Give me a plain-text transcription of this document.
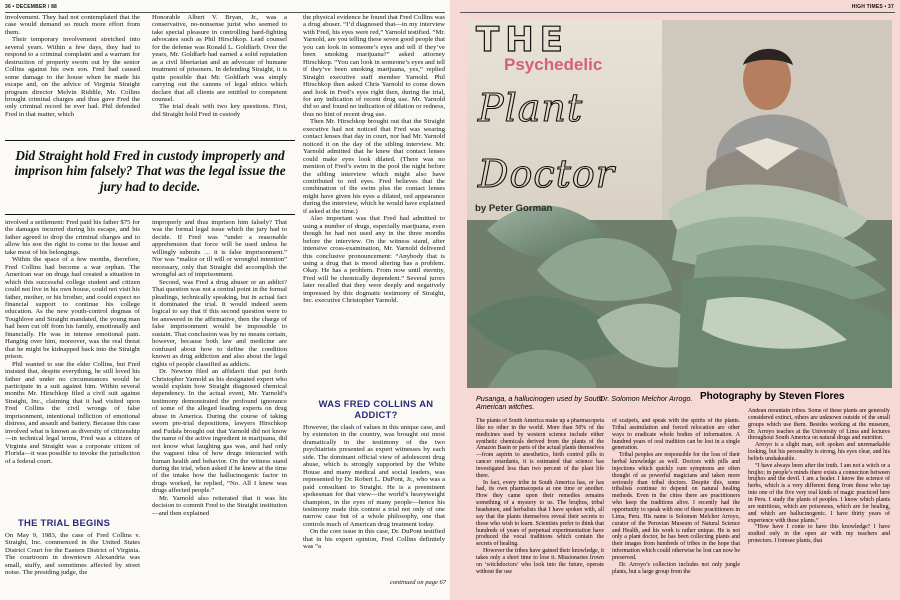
36 • DECEMBER / 88

involvement. They had not contemplated that the case would demand so much more effort from them.

Their temporary involvement stretched into several years. Within a few days, they had to respond to a criminal complaint and a warrant for destruction of property sworn out by the senior Collins against his own son. Fred had caused some damage to the house when he made his escape and, on the advice of Virginia Straight program director Melvin Riddile, Mr. Collins brought criminal charges and thus gave Fred the only criminal record he ever had. Phil defended Fred in that matter, which

Honorable Albert V. Bryan, Jr., was a conservative, no-nonsense jurist who seemed to take special pleasure in controlling hard-fighting advocates such as Phil Hirschkop. Lead counsel for the defense was Ronald L. Goldfarb. Over the years, Mr. Goldfarb had earned a solid reputation as a civil libertarian and an advocate of humane treatment of prisoners. In defending Straight, it is quite possible that Mr. Goldfarb was simply carrying out the canons of legal ethics which declare that all clients are entitled to competent counsel.

The trial dealt with two key questions. First, did Straight hold Fred in custody

the physical evidence he found that Fred Collins was a drug abuser. “I’d diagnosed that—in my interview with Fred, his eyes were red,” Yarnold testified. “Mr. Yarnold, are you telling these seven good people that you can look in someone’s eyes and tell if they’ve been smoking marijuana?” asked attorney Hirschkop. “You can look in someone’s eyes and tell if they’ve been smoking marijuana, yes,” replied Straight executive staff member Yarnold. Phil Hirschkop then asked Chris Yarnold to come down and look in Fred’s eyes right then, during the trial, for any indication of recent drug use. Mr. Yarnold did so and found no indication of dilation or redness, thus no hint of recent drug use.

Then Mr. Hirschkop brought out that the Straight executive had not noticed that Fred was wearing contact lenses that day in court, nor had Mr. Yarnold noticed it on the day of the sibling interview. Mr. Yarnold admitted that he knew that contact lenses could make eyes look dilated. (There was no mention of Fred’s swim in the pool the night before the sibling interview which might also have contributed to red eyes. Fred believes that the combination of the swim plus the contact lenses might have given his eyes a dilated, red appearance during the interview, which he would have explained if asked at the time.)

Also important was that Fred had admitted to using a number of drugs, especially marijuana, even though he had not used any in the three months before the interview. On the witness stand, after intensive cross-examination, Mr. Yarnold delivered this conclusive pronouncement: “Anybody that is using a drug that is mood altering has a problem. Okay. He has a problem. From now until eternity, Fred will be chemically dependent.” Several jurors later recalled that they were deeply and negatively impressed by this dogmatic testimony of Straight, Inc. executive Christopher Yarnold.

Did Straight hold Fred in custody improperly and imprison him falsely? That was the legal issue the jury had to decide.

involved a settlement: Fred paid his father $75 for the damages incurred during his escape, and his father agreed to drop the criminal charges and to allow his son the right to come to the house and take most of his belongings.

Within the space of a few months, therefore, Fred Collins had become a war orphan. The American war on drugs had created a situation in which this successful college student and citizen could not live in his own house, could not visit his father, mother, or his brother, and could expect no financial support to continue his college education. As the new youth-control dogmas of Toughlove and Straight mandated, the young man had been cut off from his family, emotionally and financially. He was in intense emotional pain. Hanging over him, moreover, was the real threat that he might be kidnapped back into the Straight prison.

Phil wanted to sue the elder Collins, but Fred insisted that, despite everything, he still loved his father and under no circumstances would he participate in a suit against him. Within several months Mr. Hirschkop filed a civil suit against Straight, Inc., claiming that it had visited upon Fred Collins the civil wrongs of false imprisonment, intentional infliction of emotional distress, and assault and battery. Because this case involved what is known as diversity of citizenship—in technical legal terms, Fred was a citizen of Virginia and Straight was a corporate citizen of Florida—it was possible to invoke the jurisdiction of a federal court.

THE TRIAL BEGINS

On May 9, 1983, the case of Fred Collins v. Straight, Inc. commenced in the United States District Court for the Eastern District of Virginia. The courtroom in downtown Alexandria was small, stuffy, and sometimes affected by street noise. The presiding judge, the

improperly and thus imprison him falsely? That was the formal legal issue which the jury had to decide. If Fred was “under a reasonable apprehension that force will be used unless he willingly submits … it is false imprisonment.” Nor was “malice or ill will or wrongful intention” necessary, only that Straight did accomplish the wrongful act of imprisonment.

Second, was Fred a drug abuser or an addict? That question was not a central point in the formal pleadings, technically speaking, but in actual fact it dominated the trial. It would indeed seem logical to say that if this second question were to be answered in the affirmative, then the charge of false imprisonment would be impossible to sustain. That conclusion was by no means certain, however, because both law and medicine are confused about how to define the condition known as drug addiction and also about the legal rights of people classified as addicts.

Dr. Newton filed an affidavit that put forth Christopher Yarnold as his designated expert who would explain how Straight diagnosed chemical dependency. In the actual event, Mr. Yarnold’s testimony demonstrated the profound ignorance of some of the alleged leading experts on drug abuse in America. During the course of taking sworn pre-trial depositions, lawyers Hirschkop and Fudala brought out that Yarnold did not know the name of the active ingredient in marijuana, did not know what laughing gas was, and had only the vaguest idea of how drugs interacted with human health and behavior. On the witness stand during the trial, when asked if he knew at the time of the intake how the hallucinogenic factor in drugs worked, he replied, “No. All I knew was drugs affected people.”

Mr. Yarnold also reiterated that it was his decision to commit Fred to the Straight institution—and then explained

WAS FRED COLLINS AN ADDICT?

However, the clash of values in this unique case, and by extension in the country, was brought out most dramatically in the testimony of the two psychiatrists presented as expert witnesses by each side. The dominant official view of adolescent drug abuse, which is strongly supported by the White House and many medical and social leaders, was represented by Dr. Robert L. DuPont, Jr., who was a paid consultant to Straight. He is a preeminent spokesman for that view—the world’s heavyweight champion, in the eyes of many people—hence his testimony made this contest a trial not only of one narrow case but of a whole philosophy, one that controls much of American drug treatment today.

On the core issue in this case, Dr. DuPont testified that in his expert opinion, Fred Collins definitely was “a

continued on page 67
HIGH TIMES • 37
THE
Psychedelic
Plant
Doctor
by Peter Gorman
Pusanga, a hallucinogen used by South American witches.
Dr. Solomon Melchor Arrogo. Photography by Steven Flores

The plants of South America make up a pharmacopeia like no other in the world. More than 50% of the medicines used by western science include either synthetic chemicals derived from the plants of the Amazon Basin or parts of the actual plants themselves—from aspirin to anesthetics, birth control pills to cancer retardants, it is estimated that science has investigated less than two percent of the plant life there.

In fact, every tribe in South America has, or has had, its own pharmacopeia at one time or another. How they came upon their remedies remains something of a mystery to us. The brujhos, tribal headsmen, and herbalists that I have spoken with, all say that the plants themselves reveal their secrets to those who wish to learn. Scientists prefer to think that hundreds of years of perpetual experimentation have produced the vocal traditions which contain the secrets of healing.

However the tribes have gained their knowledge, it takes only a short time to lose it. Missionaries frown on ‘witchdoctors’ who look into the future, operate without the use

of scalpels, and speak with the spirits of the plants. Tribal assimilation and forced relocation are other ways to eradicate whole bodies of information. A hundred years of oral tradition can be lost in a single generation.

Tribal peoples are responsible for the loss of their herbal knowledge as well. Doctors with pills and injections which quickly cure symptoms are often thought of as powerful magicians and taken more seriously than tribal doctors. Despite this, some tribalists continue to depend on natural healing methods. Even in the cities there are practitioners who keep the traditions alive. I recently had the opportunity to speak with one of these practitioners in Lima, Peru. His name is Solomon Melchor Arroyo, curator of the Peruvian Museum of Natural Science and Health, and his work is rather unique. He is not only a plant doctor, he has been collecting plants and their images from hundreds of tribes in the hope that information which could otherwise be lost can now be preserved.

Dr. Arroyo’s collection includes not only jungle plants, but a large group from the

Andean mountain tribes. Some of these plants are generally considered extinct, others are unknown outside of the small groups which use them. Besides working at the museum, Dr. Arroyo teaches at the University of Lima and lectures throughout South America on natural drugs and nutrition.

Arroyo is a slight man, soft spoken and unremarkable looking, but his personality is strong, his eyes clear, and his beliefs unshakeable.

“I have always been after the truth. I am not a witch or a brujho; in people’s minds there exists a connection between brujhos and the devil. I am a healer. I know the science of herbs, which is a very different thing from those who tap into one of the five very real kinds of magic practiced here in Peru. I study the plants of peoples. I know which plants are nutritious, which are poisonous, which are for healing, and which are hallucinogenic. I have thirty years of experience with these plants.”

“How have I come to have this knowledge? I have studied only in the open air with my teachers and protectors. I foresee plants, that
